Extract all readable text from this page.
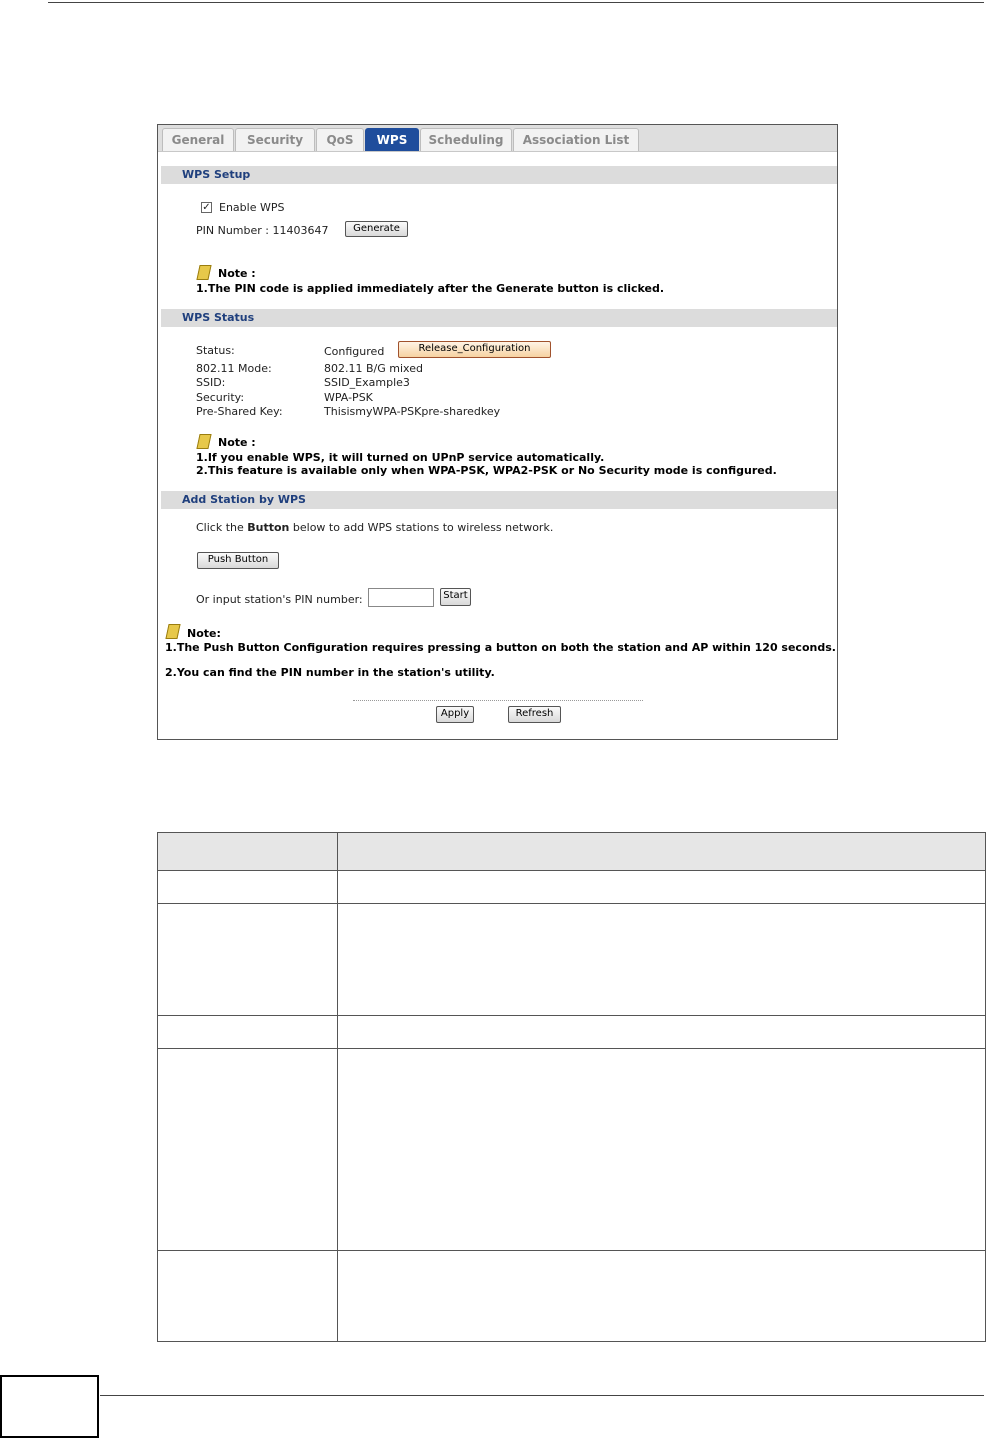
General	Security	QoS	WPS	Scheduling	Association List
WPS Setup
✓ Enable WPS
PIN Number : 11403647	Generate
Note :
1.The PIN code is applied immediately after the Generate button is clicked.
WPS Status
Status:	Configured	Release_Configuration
802.11 Mode:	802.11 B/G mixed
SSID:	SSID_Example3
Security:	WPA-PSK
Pre-Shared Key:	ThisismyWPA-PSKpre-sharedkey
Note :
1.If you enable WPS, it will turned on UPnP service automatically.
2.This feature is available only when WPA-PSK, WPA2-PSK or No Security mode is configured.
Add Station by WPS
Click the Button below to add WPS stations to wireless network.
Push Button
Or input station's PIN number:	Start
Note:
1.The Push Button Configuration requires pressing a button on both the station and AP within 120 seconds.
2.You can find the PIN number in the station's utility.
Apply	Refresh
